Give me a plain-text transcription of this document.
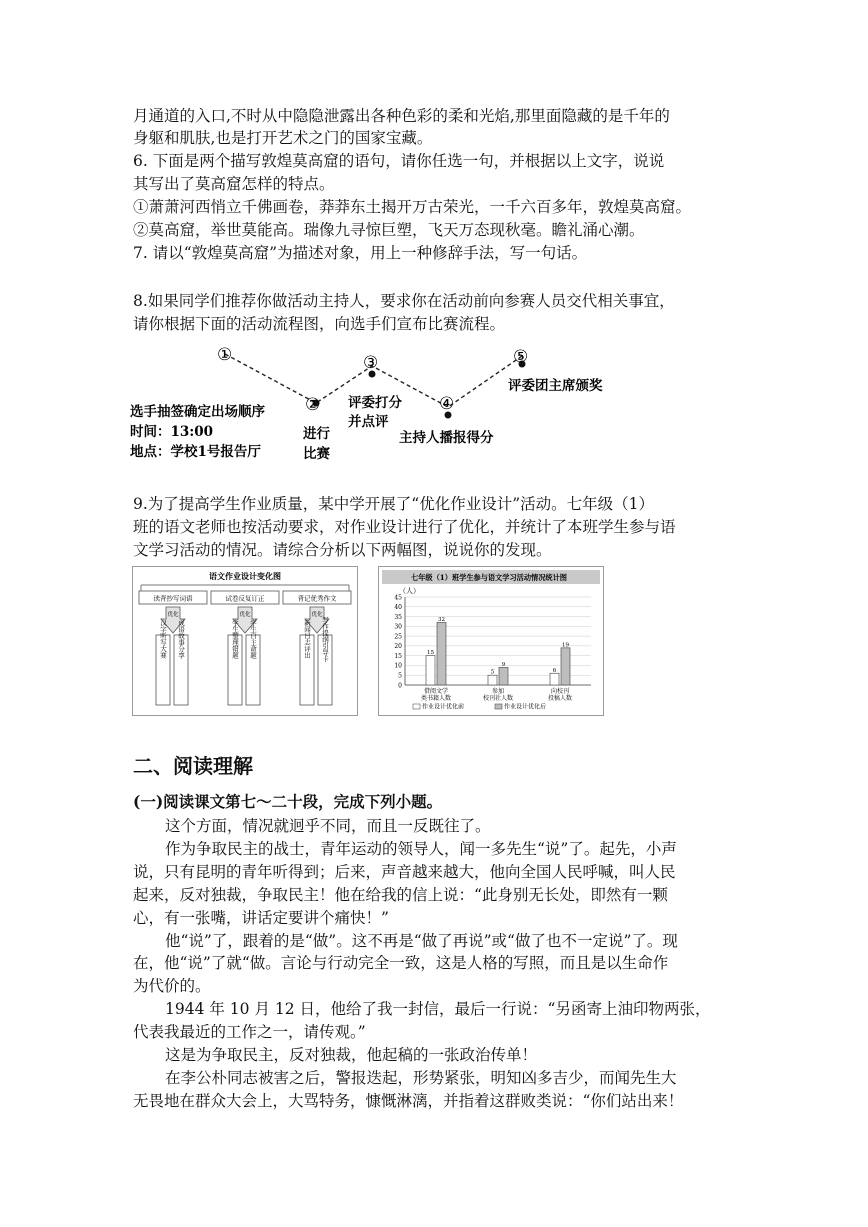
月通道的入口,不时从中隐隐泄露出各种色彩的柔和光焰,那里面隐藏的是千年的
身躯和肌肤,也是打开艺术之门的国家宝藏。
6. 下面是两个描写敦煌莫高窟的语句，请你任选一句，并根据以上文字，说说
其写出了莫高窟怎样的特点。
①萧萧河西悄立千佛画卷，莽莽东土揭开万古荣光，一千六百多年，敦煌莫高窟。
②莫高窟，举世莫能高。瑞像九寻惊巨塑，飞天万态现秋毫。瞻礼涌心潮。
7. 请以“敦煌莫高窟”为描述对象，用上一种修辞手法，写一句话。
8.如果同学们推荐你做活动主持人，要求你在活动前向参赛人员交代相关事宜，
请你根据下面的活动流程图，向选手们宣布比赛流程。
①
②
③
④
⑤
选手抽签确定出场顺序
时间：13:00
地点：学校1号报告厅
进行
比赛
评委打分
并点评
主持人播报得分
评委团主席颁奖
9.为了提高学生作业质量，某中学开展了“优化作业设计”活动。七年级（1）
班的语文老师也按活动要求，对作业设计进行了优化，并统计了本班学生参与语
文学习活动的情况。请综合分析以下两幅图，说说你的发现。
语文作业设计变化图
读背抄写词语
优化
汉字听写大赛 成语故事分享
试卷反复订正
优化
学生整理错题 学生自主命题
背记优秀作文
优化
新闻日志评出 写作提纲引导卡
七年级（1）班学生参与语文学习活动情况统计图
（人）
0
5
10
15
20
25
30
35
40
45
15
32
借阅文学
类书籍人数
5
9
参加
校刊社人数
6
19
向校刊
投稿人数
作业设计优化前	作业设计优化后
二、阅读理解
(一)阅读课文第七～二十段，完成下列小题。
这个方面，情况就迥乎不同，而且一反既往了。
作为争取民主的战士，青年运动的领导人，闻一多先生“说”了。起先，小声
说，只有昆明的青年听得到；后来，声音越来越大，他向全国人民呼喊，叫人民
起来，反对独裁，争取民主！他在给我的信上说：“此身别无长处，即然有一颗
心，有一张嘴，讲话定要讲个痛快！”
他“说”了，跟着的是“做”。这不再是“做了再说”或“做了也不一定说”了。现
在，他“说”了就“做。言论与行动完全一致，这是人格的写照，而且是以生命作
为代价的。
1944 年 10 月 12 日，他给了我一封信，最后一行说：“另函寄上油印物两张，
代表我最近的工作之一，请传观。”
这是为争取民主，反对独裁，他起稿的一张政治传单！
在李公朴同志被害之后，警报迭起，形势紧张，明知凶多吉少，而闻先生大
无畏地在群众大会上，大骂特务，慷慨淋漓，并指着这群败类说：“你们站出来！
